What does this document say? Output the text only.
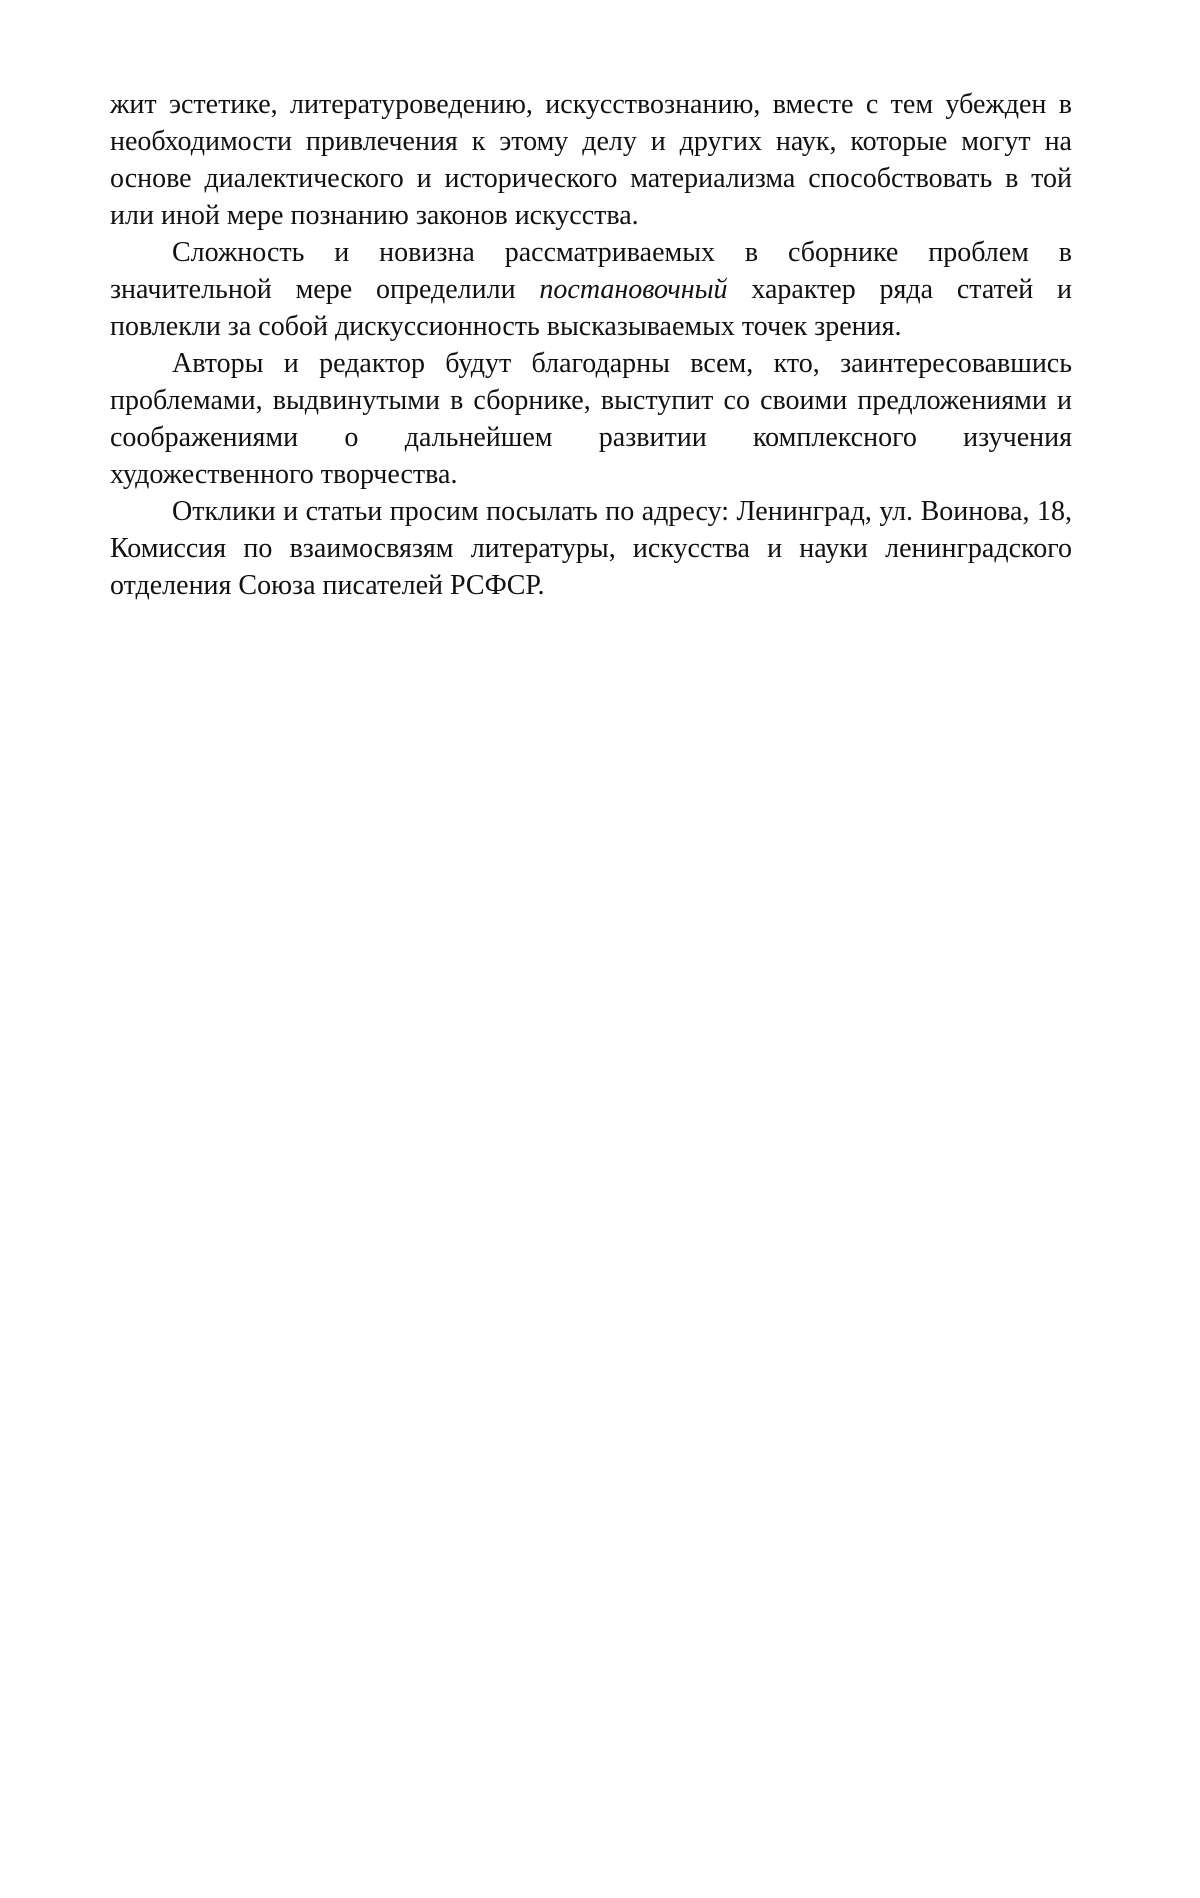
жит эстетике, литературоведению, искусствознанию, вместе с тем убежден в необходимости привлечения к этому делу и других наук, которые могут на основе диалектического и исторического материализма способствовать в той или иной мере познанию законов искусства.

Сложность и новизна рассматриваемых в сборнике проблем в значительной мере определили постановочный характер ряда статей и повлекли за собой дискуссионность высказываемых точек зрения.

Авторы и редактор будут благодарны всем, кто, заинтересовавшись проблемами, выдвинутыми в сборнике, выступит со своими предложениями и соображениями о дальнейшем развитии комплексного изучения художественного творчества.

Отклики и статьи просим посылать по адресу: Ленинград, ул. Воинова, 18, Комиссия по взаимосвязям литературы, искусства и науки ленинградского отделения Союза писателей РСФСР.
